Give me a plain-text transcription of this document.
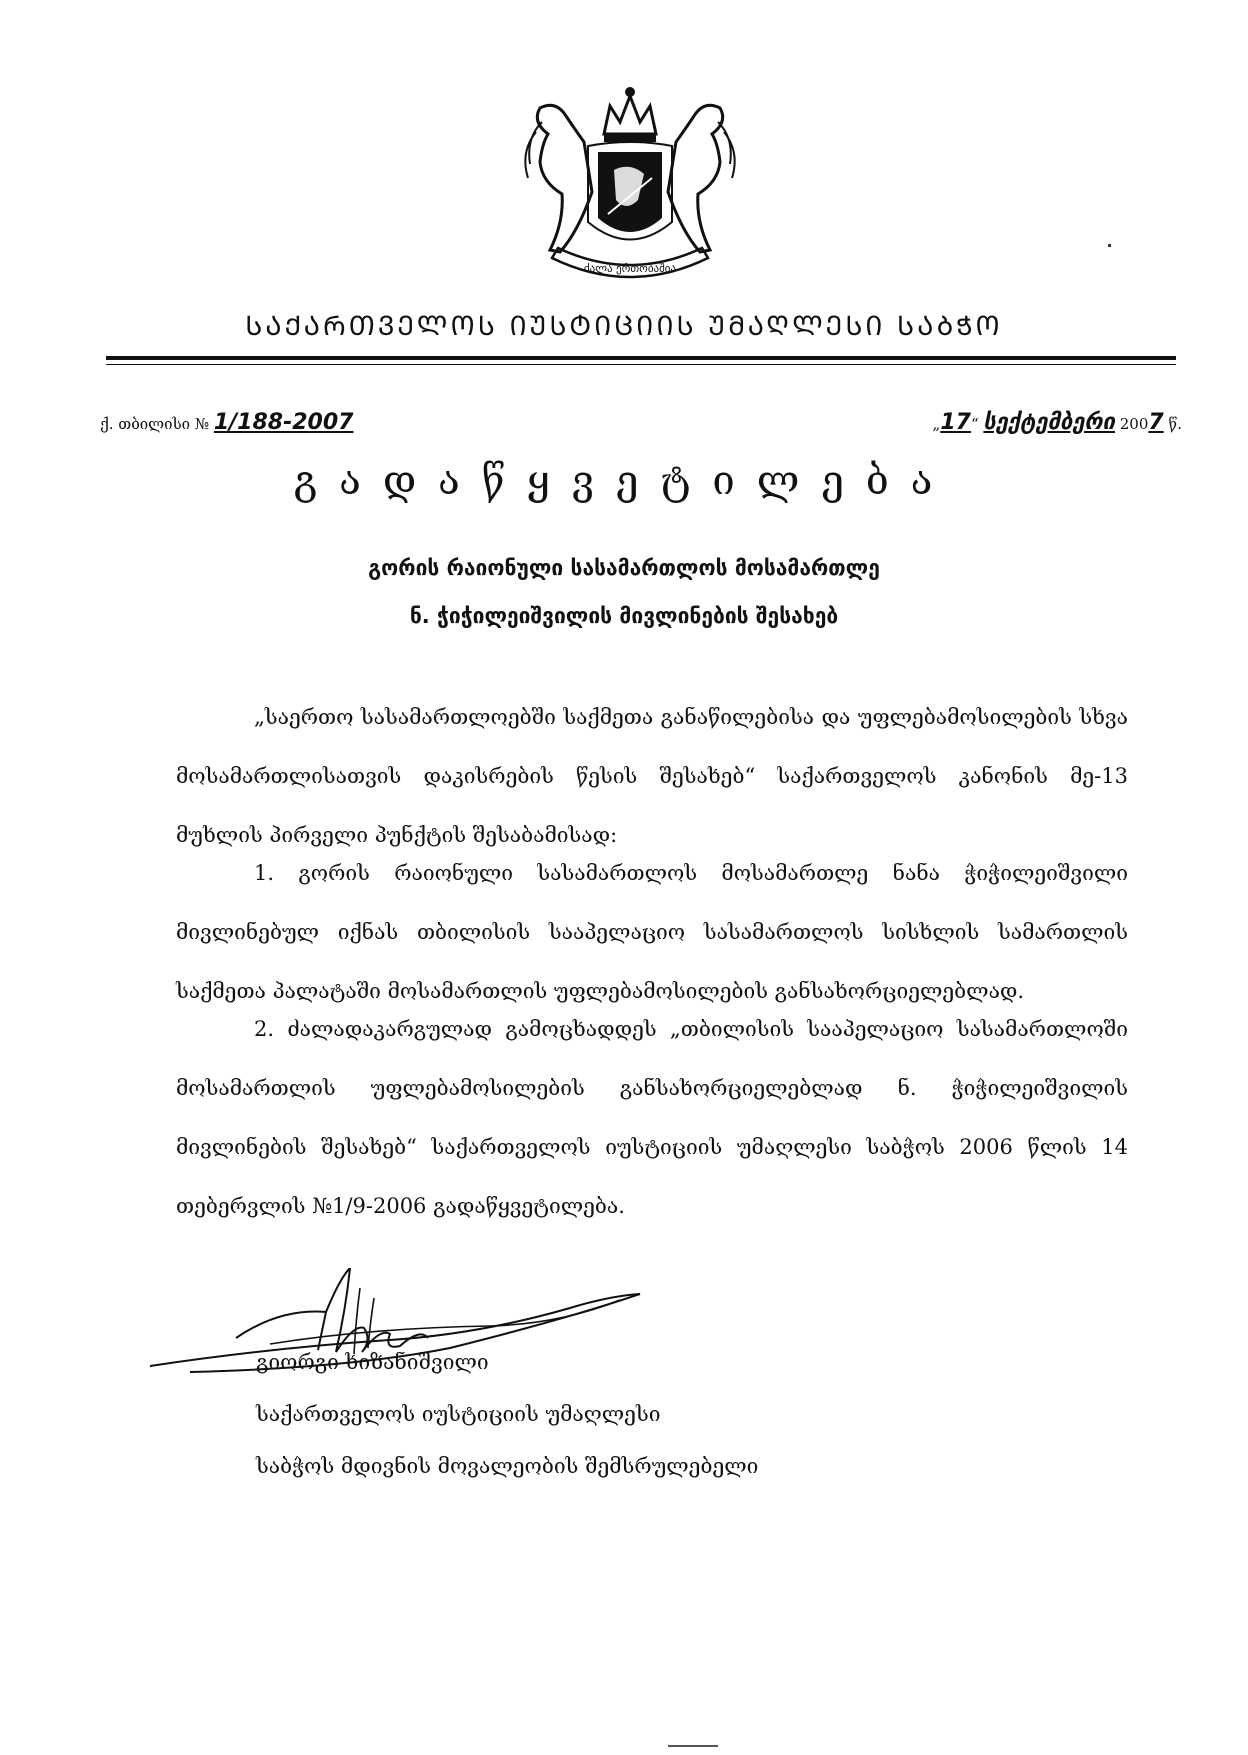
ძალა ერთობაშია
ᲡᲐᲥᲐᲠᲗᲕᲔᲚᲝᲡ ᲘᲣᲡᲢᲘᲪᲘᲘᲡ ᲣᲛᲐᲦᲚᲔᲡᲘ ᲡᲐᲑᲭᲝ
ქ. თბილისი № 1/188-2007	„17“ სექტემბერი 2007 წ.
გადაწყვეტილება
გორის რაიონული სასამართლოს მოსამართლე
ნ. ჭიჭილეიშვილის მივლინების შესახებ

„საერთო სასამართლოებში საქმეთა განაწილებისა და უფლებამოსილების სხვა მოსამართლისათვის დაკისრების წესის შესახებ“ საქართველოს კანონის მე-13 მუხლის პირველი პუნქტის შესაბამისად:

1. გორის რაიონული სასამართლოს მოსამართლე ნანა ჭიჭილეიშვილი მივლინებულ იქნას თბილისის სააპელაციო სასამართლოს სისხლის სამართლის საქმეთა პალატაში მოსამართლის უფლებამოსილების განსახორციელებლად.

2. ძალადაკარგულად გამოცხადდეს „თბილისის სააპელაციო სასამართლოში მოსამართლის უფლებამოსილების განსახორციელებლად ნ. ჭიჭილეიშვილის მივლინების შესახებ“ საქართველოს იუსტიციის უმაღლესი საბჭოს 2006 წლის 14 თებერვლის №1/9-2006 გადაწყვეტილება.

გიორგი ხიზანიშვილი
საქართველოს იუსტიციის უმაღლესი
საბჭოს მდივნის მოვალეობის შემსრულებელი
